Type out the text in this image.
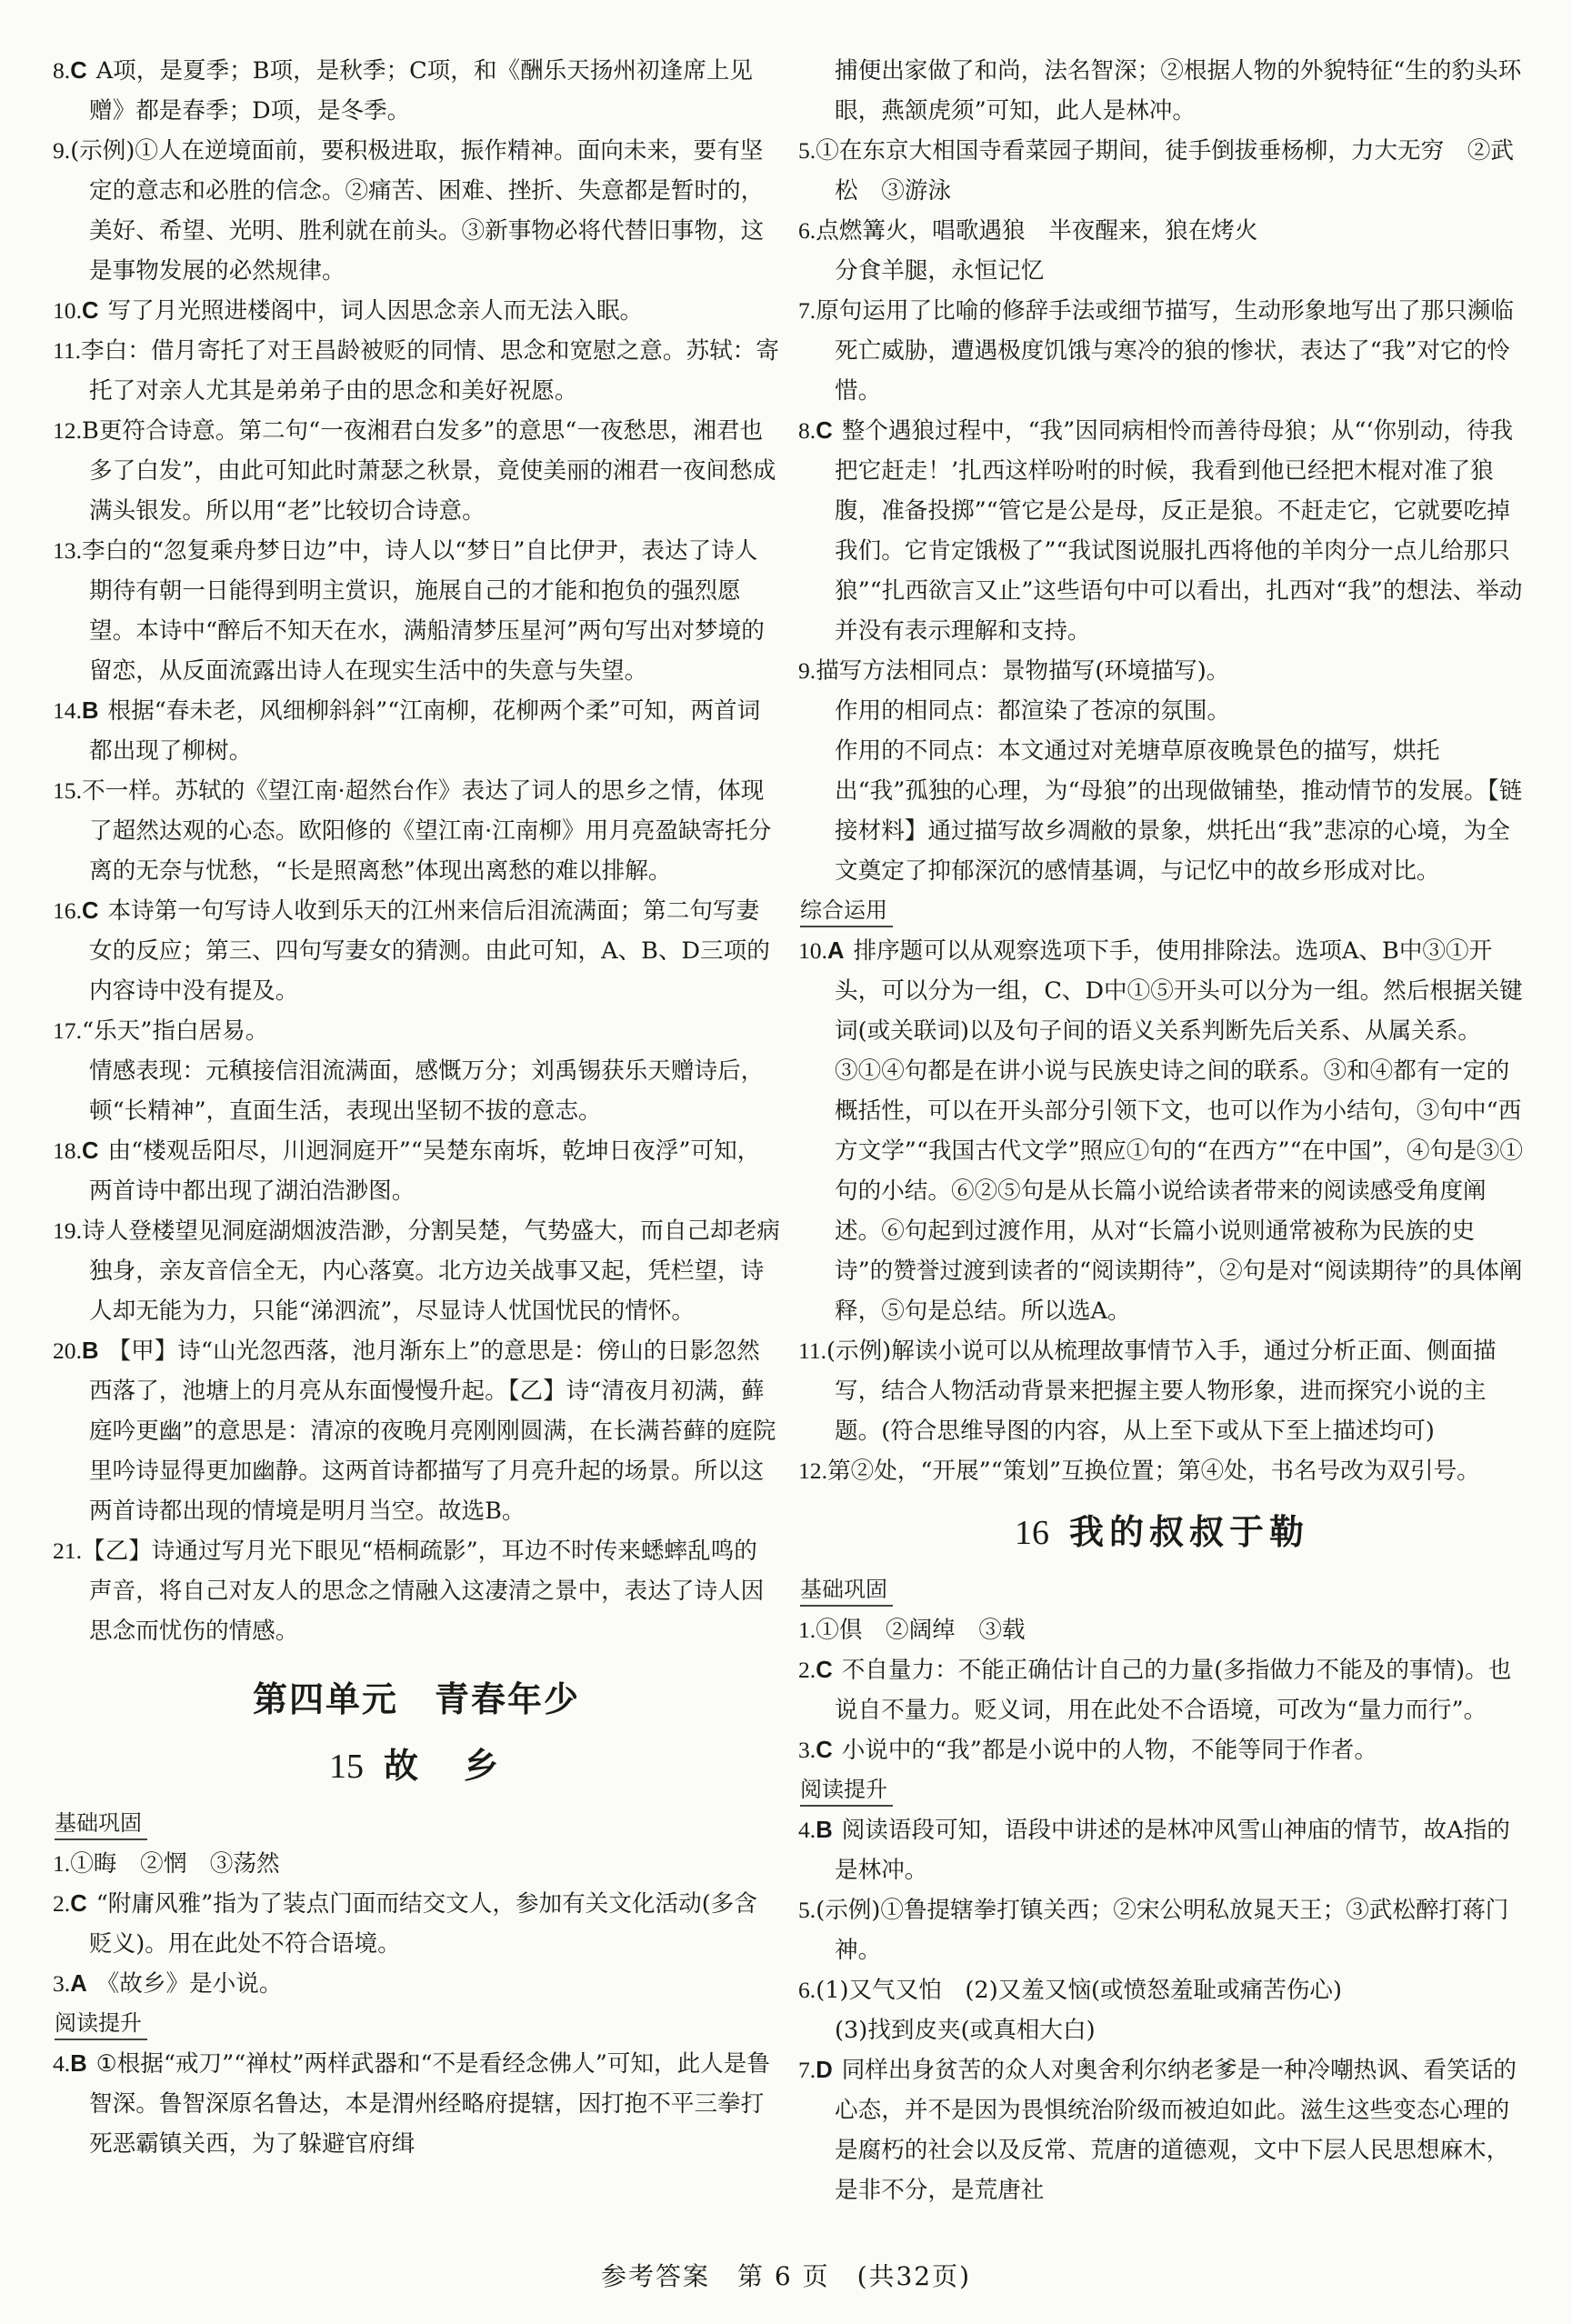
8.C A项，是夏季；B项，是秋季；C项，和《酬乐天扬州初逢席上见赠》都是春季；D项，是冬季。

9.(示例)①人在逆境面前，要积极进取，振作精神。面向未来，要有坚定的意志和必胜的信念。②痛苦、困难、挫折、失意都是暂时的，美好、希望、光明、胜利就在前头。③新事物必将代替旧事物，这是事物发展的必然规律。

10.C 写了月光照进楼阁中，词人因思念亲人而无法入眠。

11.李白：借月寄托了对王昌龄被贬的同情、思念和宽慰之意。苏轼：寄托了对亲人尤其是弟弟子由的思念和美好祝愿。

12.B更符合诗意。第二句“一夜湘君白发多”的意思“一夜愁思，湘君也多了白发”，由此可知此时萧瑟之秋景，竟使美丽的湘君一夜间愁成满头银发。所以用“老”比较切合诗意。

13.李白的“忽复乘舟梦日边”中，诗人以“梦日”自比伊尹，表达了诗人期待有朝一日能得到明主赏识，施展自己的才能和抱负的强烈愿望。本诗中“醉后不知天在水，满船清梦压星河”两句写出对梦境的留恋，从反面流露出诗人在现实生活中的失意与失望。

14.B 根据“春未老，风细柳斜斜”“江南柳，花柳两个柔”可知，两首词都出现了柳树。

15.不一样。苏轼的《望江南·超然台作》表达了词人的思乡之情，体现了超然达观的心态。欧阳修的《望江南·江南柳》用月亮盈缺寄托分离的无奈与忧愁，“长是照离愁”体现出离愁的难以排解。

16.C 本诗第一句写诗人收到乐天的江州来信后泪流满面；第二句写妻女的反应；第三、四句写妻女的猜测。由此可知，A、B、D三项的内容诗中没有提及。

17.“乐天”指白居易。

情感表现：元稹接信泪流满面，感慨万分；刘禹锡获乐天赠诗后，顿“长精神”，直面生活，表现出坚韧不拔的意志。

18.C 由“楼观岳阳尽，川迥洞庭开”“吴楚东南坼，乾坤日夜浮”可知，两首诗中都出现了湖泊浩渺图。

19.诗人登楼望见洞庭湖烟波浩渺，分割吴楚，气势盛大，而自己却老病独身，亲友音信全无，内心落寞。北方边关战事又起，凭栏望，诗人却无能为力，只能“涕泗流”，尽显诗人忧国忧民的情怀。

20.B 【甲】诗“山光忽西落，池月渐东上”的意思是：傍山的日影忽然西落了，池塘上的月亮从东面慢慢升起。【乙】诗“清夜月初满，藓庭吟更幽”的意思是：清凉的夜晚月亮刚刚圆满，在长满苔藓的庭院里吟诗显得更加幽静。这两首诗都描写了月亮升起的场景。所以这两首诗都出现的情境是明月当空。故选B。

21.【乙】诗通过写月光下眼见“梧桐疏影”，耳边不时传来蟋蟀乱鸣的声音，将自己对友人的思念之情融入这凄清之景中，表达了诗人因思念而忧伤的情感。

第四单元　青春年少
15 故　乡
基础巩固

1.①晦　②惘　③荡然

2.C “附庸风雅”指为了装点门面而结交文人，参加有关文化活动(多含贬义)。用在此处不符合语境。

3.A 《故乡》是小说。

阅读提升

4.B ①根据“戒刀”“禅杖”两样武器和“不是看经念佛人”可知，此人是鲁智深。鲁智深原名鲁达，本是渭州经略府提辖，因打抱不平三拳打死恶霸镇关西，为了躲避官府缉

捕便出家做了和尚，法名智深；②根据人物的外貌特征“生的豹头环眼，燕颔虎须”可知，此人是林冲。

5.①在东京大相国寺看菜园子期间，徒手倒拔垂杨柳，力大无穷　②武松　③游泳

6.点燃篝火，唱歌遇狼　半夜醒来，狼在烤火

分食羊腿，永恒记忆

7.原句运用了比喻的修辞手法或细节描写，生动形象地写出了那只濒临死亡威胁，遭遇极度饥饿与寒冷的狼的惨状，表达了“我”对它的怜惜。

8.C 整个遇狼过程中，“我”因同病相怜而善待母狼；从“‘你别动，待我把它赶走！’扎西这样吩咐的时候，我看到他已经把木棍对准了狼腹，准备投掷”“管它是公是母，反正是狼。不赶走它，它就要吃掉我们。它肯定饿极了”“我试图说服扎西将他的羊肉分一点儿给那只狼”“扎西欲言又止”这些语句中可以看出，扎西对“我”的想法、举动并没有表示理解和支持。

9.描写方法相同点：景物描写(环境描写)。

作用的相同点：都渲染了苍凉的氛围。

作用的不同点：本文通过对羌塘草原夜晚景色的描写，烘托出“我”孤独的心理，为“母狼”的出现做铺垫，推动情节的发展。【链接材料】通过描写故乡凋敝的景象，烘托出“我”悲凉的心境，为全文奠定了抑郁深沉的感情基调，与记忆中的故乡形成对比。

综合运用

10.A 排序题可以从观察选项下手，使用排除法。选项A、B中③①开头，可以分为一组，C、D中①⑤开头可以分为一组。然后根据关键词(或关联词)以及句子间的语义关系判断先后关系、从属关系。③①④句都是在讲小说与民族史诗之间的联系。③和④都有一定的概括性，可以在开头部分引领下文，也可以作为小结句，③句中“西方文学”“我国古代文学”照应①句的“在西方”“在中国”，④句是③①句的小结。⑥②⑤句是从长篇小说给读者带来的阅读感受角度阐述。⑥句起到过渡作用，从对“长篇小说则通常被称为民族的史诗”的赞誉过渡到读者的“阅读期待”，②句是对“阅读期待”的具体阐释，⑤句是总结。所以选A。

11.(示例)解读小说可以从梳理故事情节入手，通过分析正面、侧面描写，结合人物活动背景来把握主要人物形象，进而探究小说的主题。(符合思维导图的内容，从上至下或从下至上描述均可)

12.第②处，“开展”“策划”互换位置；第④处，书名号改为双引号。

16 我的叔叔于勒
基础巩固

1.①倶　②阔绰　③载

2.C 不自量力：不能正确估计自己的力量(多指做力不能及的事情)。也说自不量力。贬义词，用在此处不合语境，可改为“量力而行”。

3.C 小说中的“我”都是小说中的人物，不能等同于作者。

阅读提升

4.B 阅读语段可知，语段中讲述的是林冲风雪山神庙的情节，故A指的是林冲。

5.(示例)①鲁提辖拳打镇关西；②宋公明私放晁天王；③武松醉打蒋门神。

6.(1)又气又怕　(2)又羞又恼(或愤怒羞耻或痛苦伤心)

(3)找到皮夹(或真相大白)

7.D 同样出身贫苦的众人对奥舍利尔纳老爹是一种冷嘲热讽、看笑话的心态，并不是因为畏惧统治阶级而被迫如此。滋生这些变态心理的是腐朽的社会以及反常、荒唐的道德观，文中下层人民思想麻木，是非不分，是荒唐社

参考答案　第 6 页　(共32页)
